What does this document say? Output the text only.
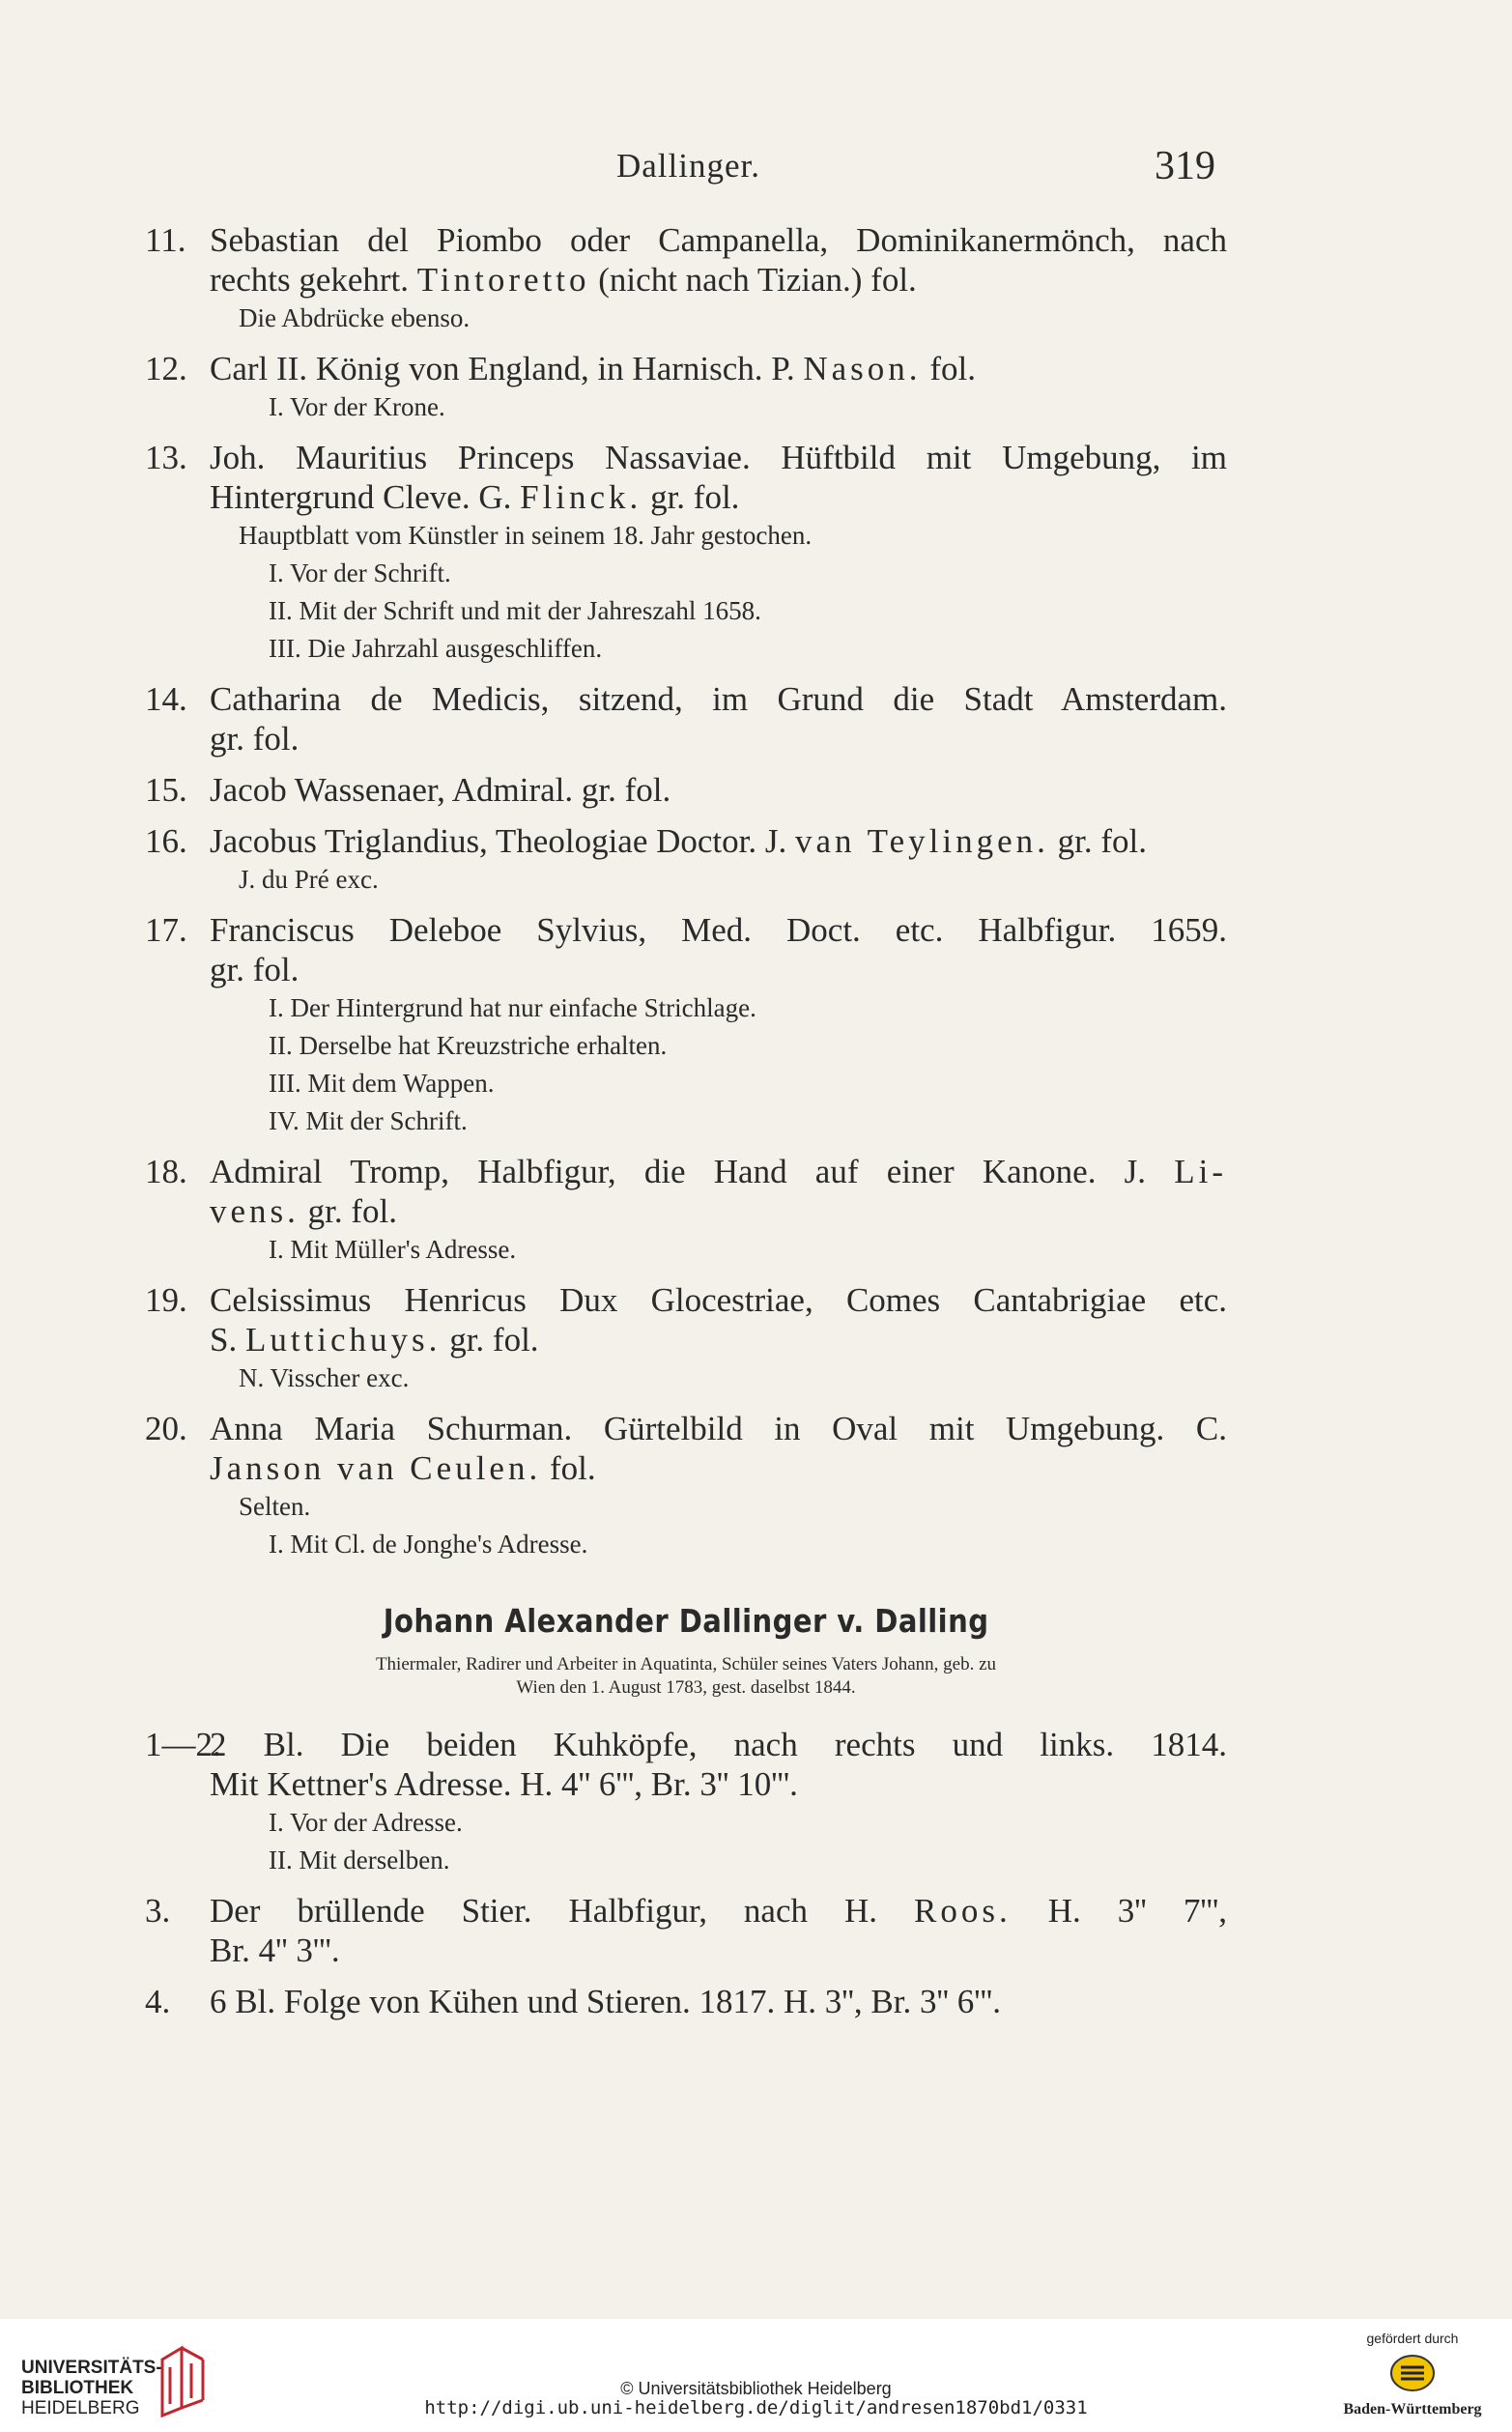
Dallinger.	319
11. Sebastian del Piombo oder Campanella, Dominikanermönch, nach
rechts gekehrt. Tintoretto (nicht nach Tizian.) fol.
Die Abdrücke ebenso.
12. Carl II. König von England, in Harnisch. P. Nason. fol.
I. Vor der Krone.
13. Joh. Mauritius Princeps Nassaviae. Hüftbild mit Umgebung, im
Hintergrund Cleve. G. Flinck. gr. fol.
Hauptblatt vom Künstler in seinem 18. Jahr gestochen.
I. Vor der Schrift.
II. Mit der Schrift und mit der Jahreszahl 1658.
III. Die Jahrzahl ausgeschliffen.
14. Catharina de Medicis, sitzend, im Grund die Stadt Amsterdam.
gr. fol.
15. Jacob Wassenaer, Admiral. gr. fol.
16. Jacobus Triglandius, Theologiae Doctor. J. van Teylingen. gr. fol.
J. du Pré exc.
17. Franciscus Deleboe Sylvius, Med. Doct. etc. Halbfigur. 1659.
gr. fol.
I. Der Hintergrund hat nur einfache Strichlage.
II. Derselbe hat Kreuzstriche erhalten.
III. Mit dem Wappen.
IV. Mit der Schrift.
18. Admiral Tromp, Halbfigur, die Hand auf einer Kanone. J. Li-
vens. gr. fol.
I. Mit Müller's Adresse.
19. Celsissimus Henricus Dux Glocestriae, Comes Cantabrigiae etc.
S. Luttichuys. gr. fol.
N. Visscher exc.
20. Anna Maria Schurman. Gürtelbild in Oval mit Umgebung. C.
Janson van Ceulen. fol.
Selten.
I. Mit Cl. de Jonghe's Adresse.
Johann Alexander Dallinger v. Dalling
Thiermaler, Radirer und Arbeiter in Aquatinta, Schüler seines Vaters Johann, geb. zu
Wien den 1. August 1783, gest. daselbst 1844.
1—2.2 Bl. Die beiden Kuhköpfe, nach rechts und links. 1814.
Mit Kettner's Adresse. H. 4'' 6''', Br. 3'' 10'''.
I. Vor der Adresse.
II. Mit derselben.
3. Der brüllende Stier. Halbfigur, nach H. Roos. H. 3'' 7''',
Br. 4'' 3'''.
4. 6 Bl. Folge von Kühen und Stieren. 1817. H. 3'', Br. 3'' 6'''.
UNIVERSITÄTS-
BIBLIOTHEK
HEIDELBERG
© Universitätsbibliothek Heidelberg
http://digi.ub.uni-heidelberg.de/diglit/andresen1870bd1/0331
gefördert durch
Baden-Württemberg
